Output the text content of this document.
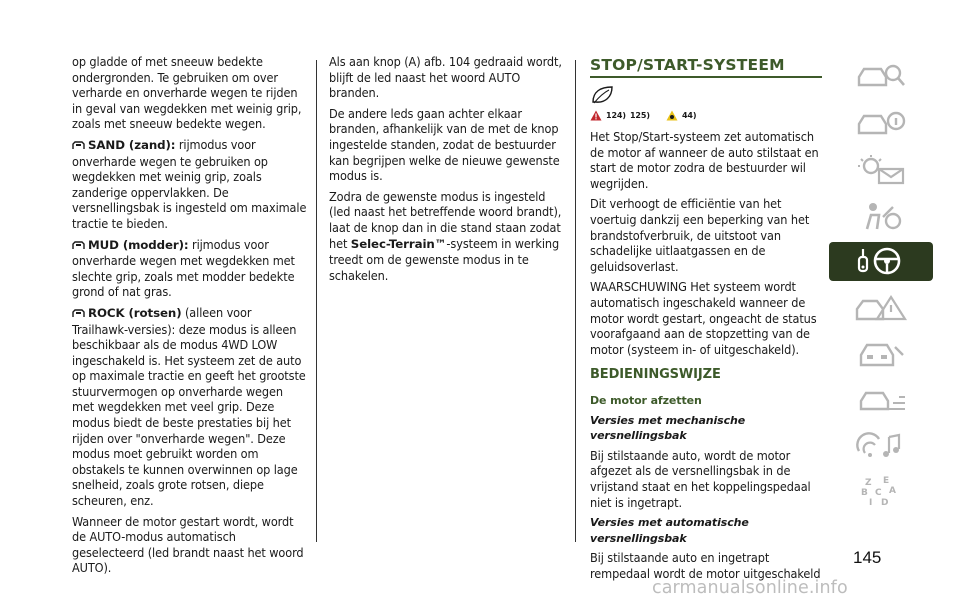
op gladde of met sneeuw bedekte ondergronden. Te gebruiken om over verharde en onverharde wegen te rijden in geval van wegdekken met weinig grip, zoals met sneeuw bedekte wegen.

SAND (zand): rijmodus voor onverharde wegen te gebruiken op wegdekken met weinig grip, zoals zanderige oppervlakken. De versnellingsbak is ingesteld om maximale tractie te bieden.

MUD (modder): rijmodus voor onverharde wegen met wegdekken met slechte grip, zoals met modder bedekte grond of nat gras.

ROCK (rotsen) (alleen voor Trailhawk-versies): deze modus is alleen beschikbaar als de modus 4WD LOW ingeschakeld is. Het systeem zet de auto op maximale tractie en geeft het grootste stuurvermogen op onverharde wegen met wegdekken met veel grip. Deze modus biedt de beste prestaties bij het rijden over "onverharde wegen". Deze modus moet gebruikt worden om obstakels te kunnen overwinnen op lage snelheid, zoals grote rotsen, diepe scheuren, enz.

Wanneer de motor gestart wordt, wordt de AUTO-modus automatisch geselecteerd (led brandt naast het woord AUTO).

Als aan knop (A) afb. 104 gedraaid wordt, blijft de led naast het woord AUTO branden.

De andere leds gaan achter elkaar branden, afhankelijk van de met de knop ingestelde standen, zodat de bestuurder kan begrijpen welke de nieuwe gewenste modus is.

Zodra de gewenste modus is ingesteld (led naast het betreffende woord brandt), laat de knop dan in die stand staan zodat het Selec-Terrain™-systeem in werking treedt om de gewenste modus in te schakelen.

STOP/START-SYSTEEM
124) 125)	44)

Het Stop/Start-systeem zet automatisch de motor af wanneer de auto stilstaat en start de motor zodra de bestuurder wil wegrijden.

Dit verhoogt de efficiëntie van het voertuig dankzij een beperking van het brandstofverbruik, de uitstoot van schadelijke uitlaatgassen en de geluidsoverlast.

WAARSCHUWING Het systeem wordt automatisch ingeschakeld wanneer de motor wordt gestart, ongeacht de status voorafgaand aan de stopzetting van de motor (systeem in- of uitgeschakeld).

BEDIENINGSWIJZE
De motor afzetten
Versies met mechanische versnellingsbak

Bij stilstaande auto, wordt de motor afgezet als de versnellingsbak in de vrijstand staat en het koppelingspedaal niet is ingetrapt.

Versies met automatische versnellingsbak

Bij stilstaande auto en ingetrapt rempedaal wordt de motor uitgeschakeld

Z E
B C A
I D
145
carmanualsonline.info
